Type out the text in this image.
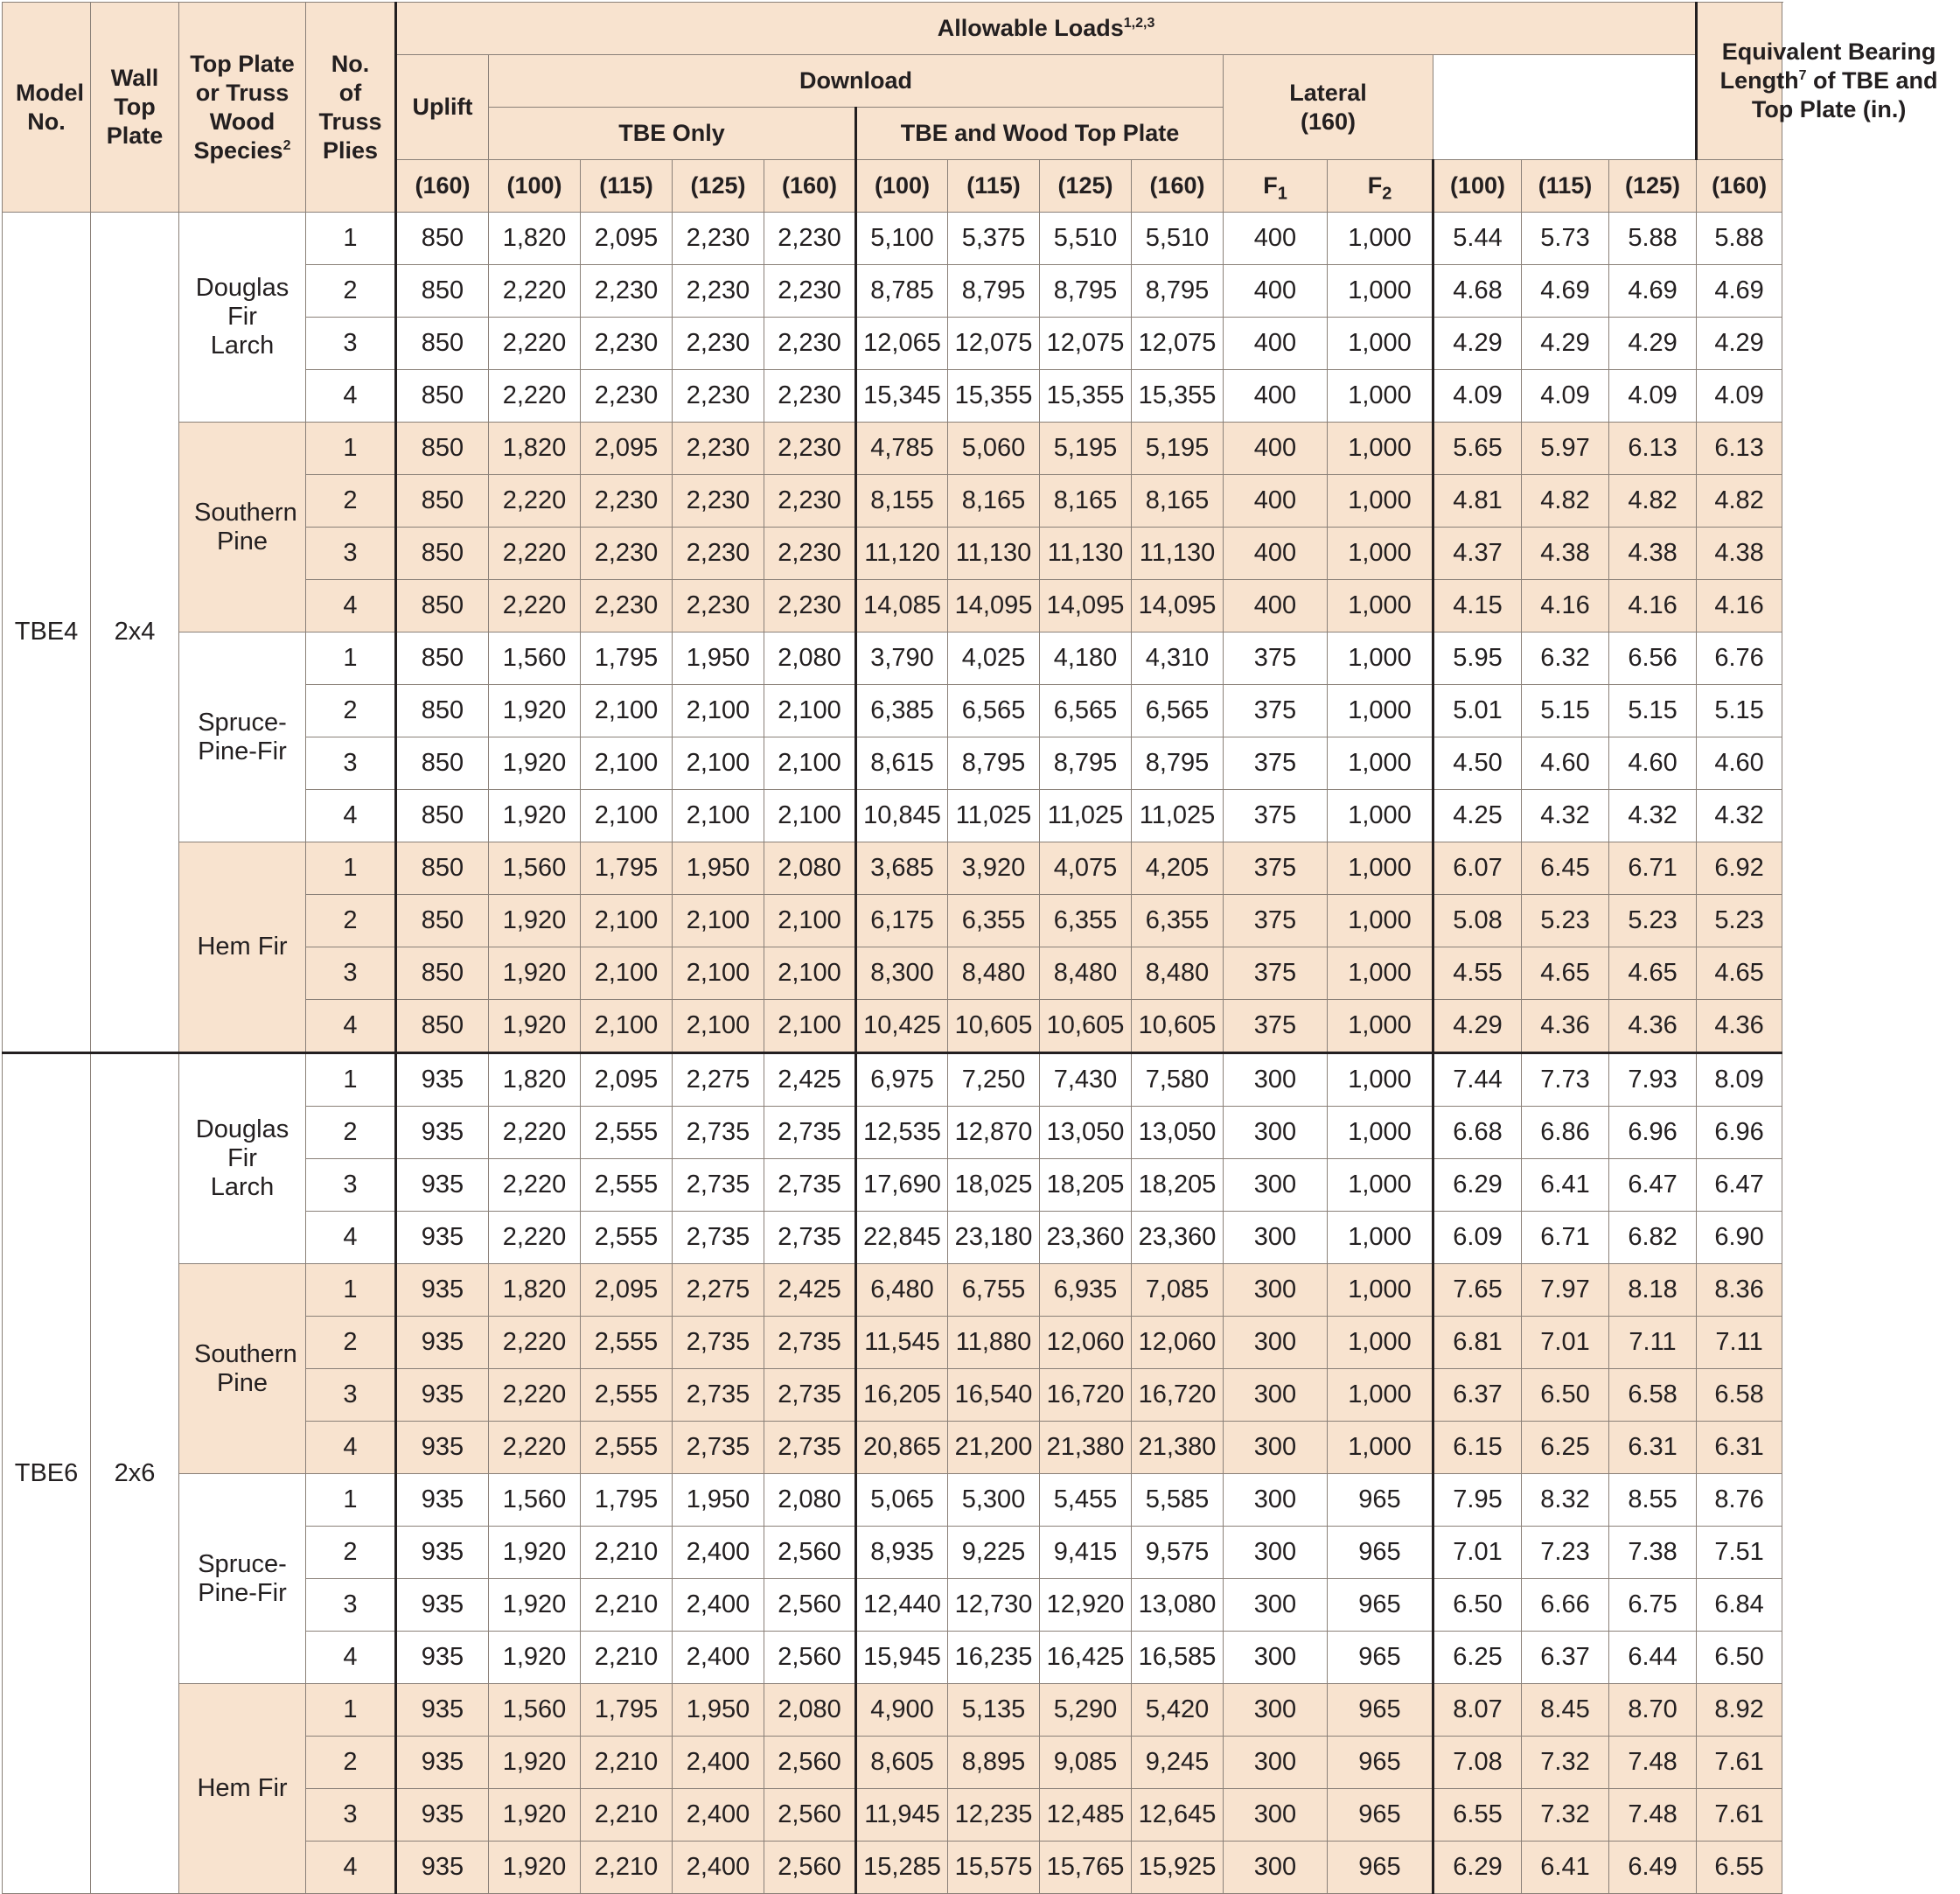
Model No.	Wall Top Plate	Top Plate or Truss Wood Species$^2$	No. of Truss Plies	Allowable Loads$^{1,2,3}$														Equivalent Bearing Length$^7$ of TBE and Top Plate (in.)
				Uplift	Download								Lateral (160)					
					TBE Only				TBE and Wood Top Plate									
				(160)	(100)	(115)	(125)	(160)	(100)	(115)	(125)	(160)	$F_1$	$F_2$	(100)	(115)	(125)	(160)
TBE4	2x4	Douglas Fir Larch	1	850	1,820	2,095	2,230	2,230	5,100	5,375	5,510	5,510	400	1,000	5.44	5.73	5.88	5.88
			2	850	2,220	2,230	2,230	2,230	8,785	8,795	8,795	8,795	400	1,000	4.68	4.69	4.69	4.69
			3	850	2,220	2,230	2,230	2,230	12,065	12,075	12,075	12,075	400	1,000	4.29	4.29	4.29	4.29
			4	850	2,220	2,230	2,230	2,230	15,345	15,355	15,355	15,355	400	1,000	4.09	4.09	4.09	4.09
		Southern Pine	1	850	1,820	2,095	2,230	2,230	4,785	5,060	5,195	5,195	400	1,000	5.65	5.97	6.13	6.13
			2	850	2,220	2,230	2,230	2,230	8,155	8,165	8,165	8,165	400	1,000	4.81	4.82	4.82	4.82
			3	850	2,220	2,230	2,230	2,230	11,120	11,130	11,130	11,130	400	1,000	4.37	4.38	4.38	4.38
			4	850	2,220	2,230	2,230	2,230	14,085	14,095	14,095	14,095	400	1,000	4.15	4.16	4.16	4.16
		Spruce-Pine-Fir	1	850	1,560	1,795	1,950	2,080	3,790	4,025	4,180	4,310	375	1,000	5.95	6.32	6.56	6.76
			2	850	1,920	2,100	2,100	2,100	6,385	6,565	6,565	6,565	375	1,000	5.01	5.15	5.15	5.15
			3	850	1,920	2,100	2,100	2,100	8,615	8,795	8,795	8,795	375	1,000	4.50	4.60	4.60	4.60
			4	850	1,920	2,100	2,100	2,100	10,845	11,025	11,025	11,025	375	1,000	4.25	4.32	4.32	4.32
		Hem Fir	1	850	1,560	1,795	1,950	2,080	3,685	3,920	4,075	4,205	375	1,000	6.07	6.45	6.71	6.92
			2	850	1,920	2,100	2,100	2,100	6,175	6,355	6,355	6,355	375	1,000	5.08	5.23	5.23	5.23
			3	850	1,920	2,100	2,100	2,100	8,300	8,480	8,480	8,480	375	1,000	4.55	4.65	4.65	4.65
			4	850	1,920	2,100	2,100	2,100	10,425	10,605	10,605	10,605	375	1,000	4.29	4.36	4.36	4.36
TBE6	2x6	Douglas Fir Larch	1	935	1,820	2,095	2,275	2,425	6,975	7,250	7,430	7,580	300	1,000	7.44	7.73	7.93	8.09
			2	935	2,220	2,555	2,735	2,735	12,535	12,870	13,050	13,050	300	1,000	6.68	6.86	6.96	6.96
			3	935	2,220	2,555	2,735	2,735	17,690	18,025	18,205	18,205	300	1,000	6.29	6.41	6.47	6.47
			4	935	2,220	2,555	2,735	2,735	22,845	23,180	23,360	23,360	300	1,000	6.09	6.71	6.82	6.90
		Southern Pine	1	935	1,820	2,095	2,275	2,425	6,480	6,755	6,935	7,085	300	1,000	7.65	7.97	8.18	8.36
			2	935	2,220	2,555	2,735	2,735	11,545	11,880	12,060	12,060	300	1,000	6.81	7.01	7.11	7.11
			3	935	2,220	2,555	2,735	2,735	16,205	16,540	16,720	16,720	300	1,000	6.37	6.50	6.58	6.58
			4	935	2,220	2,555	2,735	2,735	20,865	21,200	21,380	21,380	300	1,000	6.15	6.25	6.31	6.31
		Spruce-Pine-Fir	1	935	1,560	1,795	1,950	2,080	5,065	5,300	5,455	5,585	300	965	7.95	8.32	8.55	8.76
			2	935	1,920	2,210	2,400	2,560	8,935	9,225	9,415	9,575	300	965	7.01	7.23	7.38	7.51
			3	935	1,920	2,210	2,400	2,560	12,440	12,730	12,920	13,080	300	965	6.50	6.66	6.75	6.84
			4	935	1,920	2,210	2,400	2,560	15,945	16,235	16,425	16,585	300	965	6.25	6.37	6.44	6.50
		Hem Fir	1	935	1,560	1,795	1,950	2,080	4,900	5,135	5,290	5,420	300	965	8.07	8.45	8.70	8.92
			2	935	1,920	2,210	2,400	2,560	8,605	8,895	9,085	9,245	300	965	7.08	7.32	7.48	7.61
			3	935	1,920	2,210	2,400	2,560	11,945	12,235	12,485	12,645	300	965	6.55	7.32	7.48	7.61
			4	935	1,920	2,210	2,400	2,560	15,285	15,575	15,765	15,925	300	965	6.29	6.41	6.49	6.55
